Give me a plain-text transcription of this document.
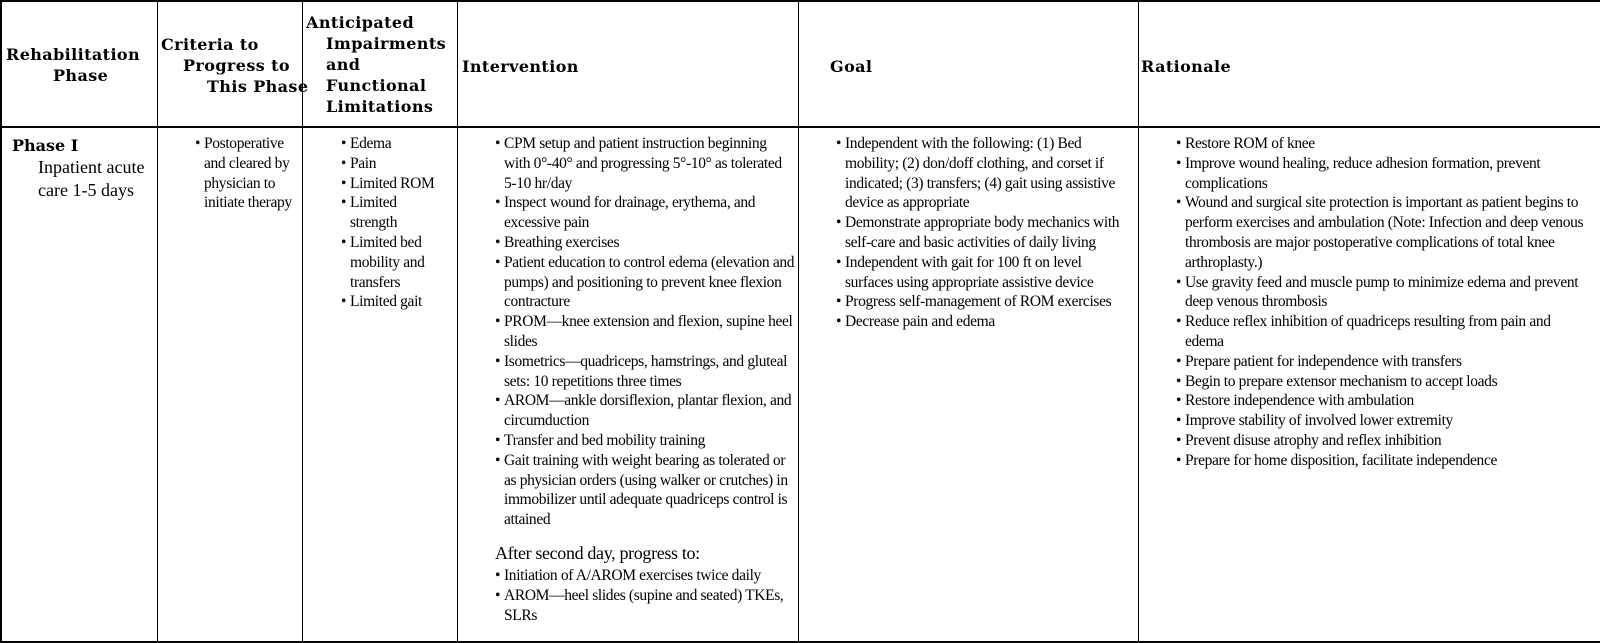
Rehabilitation
Phase
Criteria to
Progress to
This Phase
Anticipated
Impairments
and
Functional
Limitations
Intervention	Goal	Rationale
Phase I
Inpatient acute care 1-5 days
• Postoperative and cleared by physician to initiate therapy
• Edema
• Pain
• Limited ROM
• Limited strength
• Limited bed mobility and transfers
• Limited gait
• CPM setup and patient instruction beginning with 0°-40° and progressing 5°-10° as tolerated 5-10 hr/day
• Inspect wound for drainage, erythema, and excessive pain
• Breathing exercises
• Patient education to control edema (elevation and pumps) and positioning to prevent knee flexion contracture
• PROM—knee extension and flexion, supine heel slides
• Isometrics—quadriceps, hamstrings, and gluteal sets: 10 repetitions three times
• AROM—ankle dorsiflexion, plantar flexion, and circumduction
• Transfer and bed mobility training
• Gait training with weight bearing as tolerated or as physician orders (using walker or crutches) in immobilizer until adequate quadriceps control is attained
After second day, progress to:
• Initiation of A/AROM exercises twice daily
• AROM—heel slides (supine and seated) TKEs, SLRs
• Independent with the following: (1) Bed mobility; (2) don/doff clothing, and corset if indicated; (3) transfers; (4) gait using assistive device as appropriate
• Demonstrate appropriate body mechanics with self-care and basic activities of daily living
• Independent with gait for 100 ft on level surfaces using appropriate assistive device
• Progress self-management of ROM exercises
• Decrease pain and edema
• Restore ROM of knee
• Improve wound healing, reduce adhesion formation, prevent complications
• Wound and surgical site protection is important as patient begins to perform exercises and ambulation (Note: Infection and deep venous thrombosis are major postoperative complications of total knee arthroplasty.)
• Use gravity feed and muscle pump to minimize edema and prevent deep venous thrombosis
• Reduce reflex inhibition of quadriceps resulting from pain and edema
• Prepare patient for independence with transfers
• Begin to prepare extensor mechanism to accept loads
• Restore independence with ambulation
• Improve stability of involved lower extremity
• Prevent disuse atrophy and reflex inhibition
• Prepare for home disposition, facilitate independence
